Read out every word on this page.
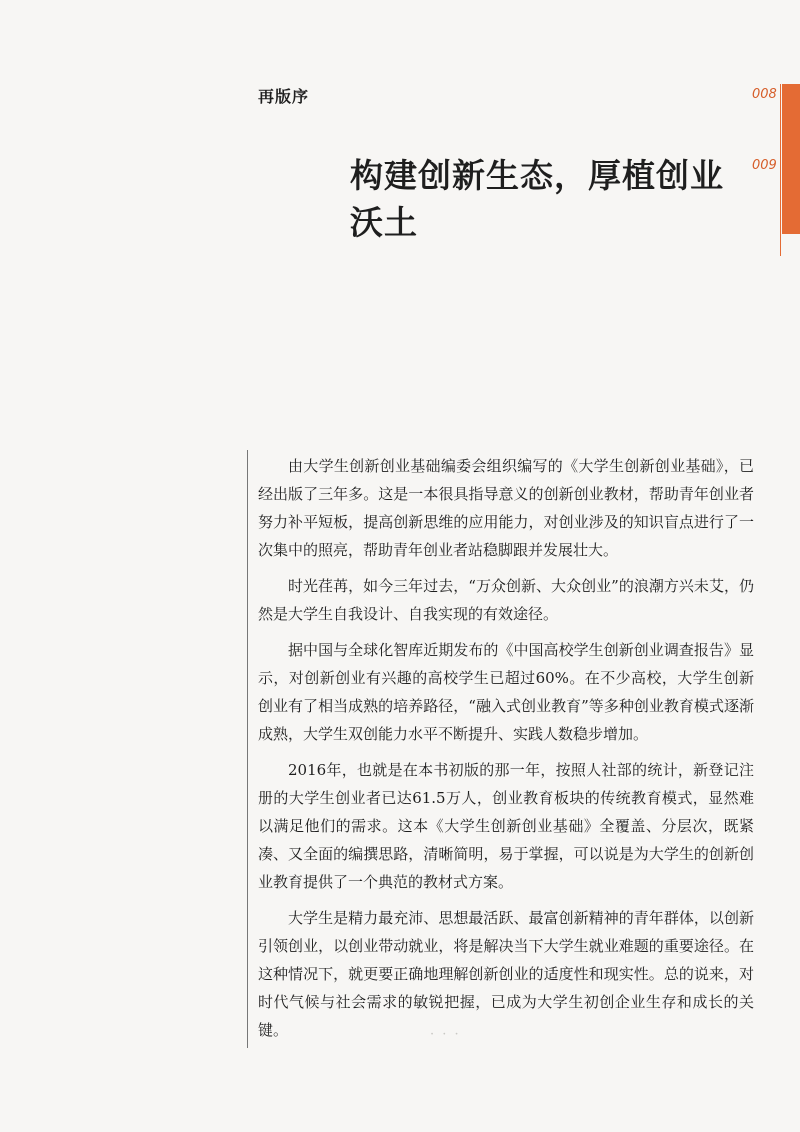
再版序	008
009
构建创新生态，厚植创业沃土

由大学生创新创业基础编委会组织编写的《大学生创新创业基础》，已经出版了三年多。这是一本很具指导意义的创新创业教材，帮助青年创业者努力补平短板，提高创新思维的应用能力，对创业涉及的知识盲点进行了一次集中的照亮，帮助青年创业者站稳脚跟并发展壮大。

时光荏苒，如今三年过去，“万众创新、大众创业”的浪潮方兴未艾，仍然是大学生自我设计、自我实现的有效途径。

据中国与全球化智库近期发布的《中国高校学生创新创业调查报告》显示，对创新创业有兴趣的高校学生已超过60%。在不少高校，大学生创新创业有了相当成熟的培养路径，“融入式创业教育”等多种创业教育模式逐渐成熟，大学生双创能力水平不断提升、实践人数稳步增加。

2016年，也就是在本书初版的那一年，按照人社部的统计，新登记注册的大学生创业者已达61.5万人，创业教育板块的传统教育模式，显然难以满足他们的需求。这本《大学生创新创业基础》全覆盖、分层次，既紧凑、又全面的编撰思路，清晰简明，易于掌握，可以说是为大学生的创新创业教育提供了一个典范的教材式方案。

大学生是精力最充沛、思想最活跃、最富创新精神的青年群体，以创新引领创业，以创业带动就业，将是解决当下大学生就业难题的重要途径。在这种情况下，就更要正确地理解创新创业的适度性和现实性。总的说来，对时代气候与社会需求的敏锐把握，已成为大学生初创企业生存和成长的关键。	· · ·
